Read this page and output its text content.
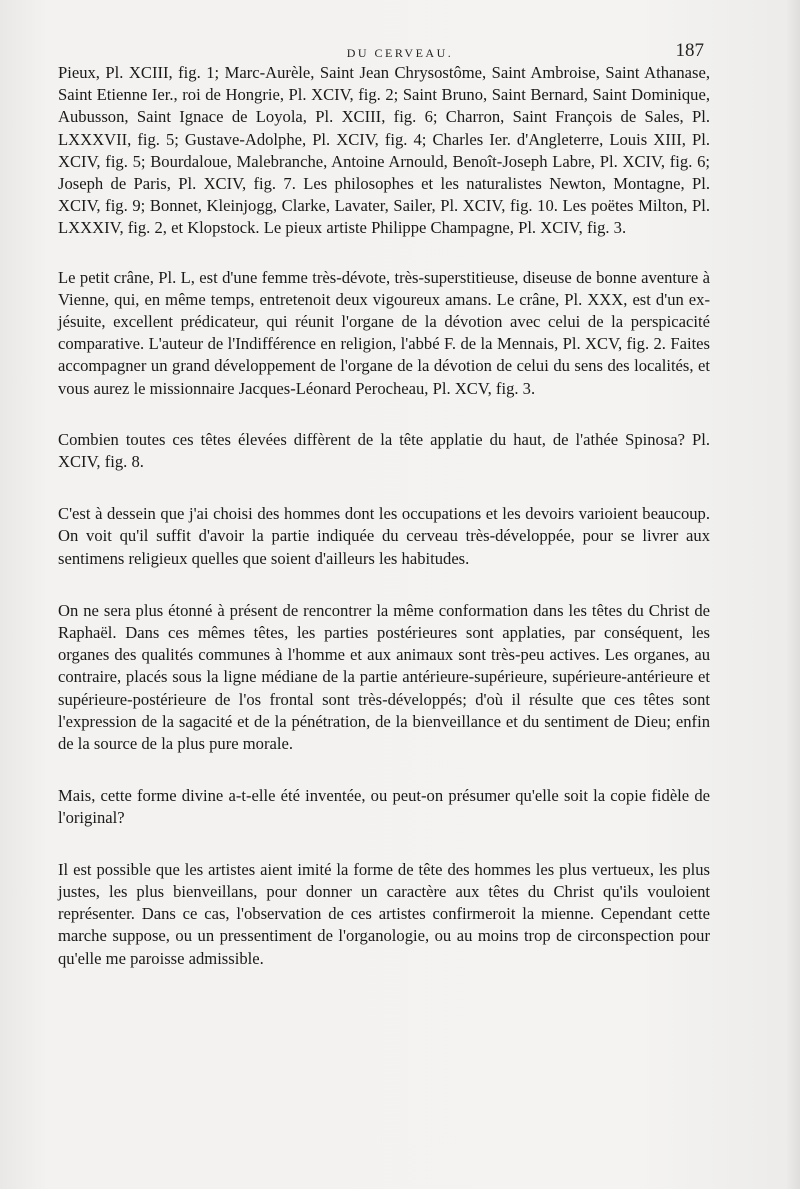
DU CERVEAU.	187

Pieux, Pl. XCIII, fig. 1; Marc-Aurèle, Saint Jean Chrysostôme, Saint Ambroise, Saint Athanase, Saint Etienne Ier., roi de Hongrie, Pl. XCIV, fig. 2; Saint Bruno, Saint Bernard, Saint Dominique, Aubusson, Saint Ignace de Loyola, Pl. XCIII, fig. 6; Charron, Saint François de Sales, Pl. LXXXVII, fig. 5; Gustave-Adolphe, Pl. XCIV, fig. 4; Charles Ier. d'Angleterre, Louis XIII, Pl. XCIV, fig. 5; Bourdaloue, Malebranche, Antoine Arnould, Benoît-Joseph Labre, Pl. XCIV, fig. 6; Joseph de Paris, Pl. XCIV, fig. 7. Les philosophes et les naturalistes Newton, Montagne, Pl. XCIV, fig. 9; Bonnet, Kleinjogg, Clarke, Lavater, Sailer, Pl. XCIV, fig. 10. Les poëtes Milton, Pl. LXXXIV, fig. 2, et Klopstock. Le pieux artiste Philippe Champagne, Pl. XCIV, fig. 3.

Le petit crâne, Pl. L, est d'une femme très-dévote, très-superstitieuse, diseuse de bonne aventure à Vienne, qui, en même temps, entretenoit deux vigoureux amans. Le crâne, Pl. XXX, est d'un ex-jésuite, excellent prédicateur, qui réunit l'organe de la dévotion avec celui de la perspicacité comparative. L'auteur de l'Indifférence en religion, l'abbé F. de la Mennais, Pl. XCV, fig. 2. Faites accompagner un grand développement de l'organe de la dévotion de celui du sens des localités, et vous aurez le missionnaire Jacques-Léonard Perocheau, Pl. XCV, fig. 3.

Combien toutes ces têtes élevées diffèrent de la tête applatie du haut, de l'athée Spinosa? Pl. XCIV, fig. 8.

C'est à dessein que j'ai choisi des hommes dont les occupations et les devoirs varioient beaucoup. On voit qu'il suffit d'avoir la partie indiquée du cerveau très-développée, pour se livrer aux sentimens religieux quelles que soient d'ailleurs les habitudes.

On ne sera plus étonné à présent de rencontrer la même conformation dans les têtes du Christ de Raphaël. Dans ces mêmes têtes, les parties postérieures sont applaties, par conséquent, les organes des qualités communes à l'homme et aux animaux sont très-peu actives. Les organes, au contraire, placés sous la ligne médiane de la partie antérieure-supérieure, supérieure-antérieure et supérieure-postérieure de l'os frontal sont très-développés; d'où il résulte que ces têtes sont l'expression de la sagacité et de la pénétration, de la bienveillance et du sentiment de Dieu; enfin de la source de la plus pure morale.

Mais, cette forme divine a-t-elle été inventée, ou peut-on présumer qu'elle soit la copie fidèle de l'original?

Il est possible que les artistes aient imité la forme de tête des hommes les plus vertueux, les plus justes, les plus bienveillans, pour donner un caractère aux têtes du Christ qu'ils vouloient représenter. Dans ce cas, l'observation de ces artistes confirmeroit la mienne. Cependant cette marche suppose, ou un pressentiment de l'organologie, ou au moins trop de circonspection pour qu'elle me paroisse admissible.
